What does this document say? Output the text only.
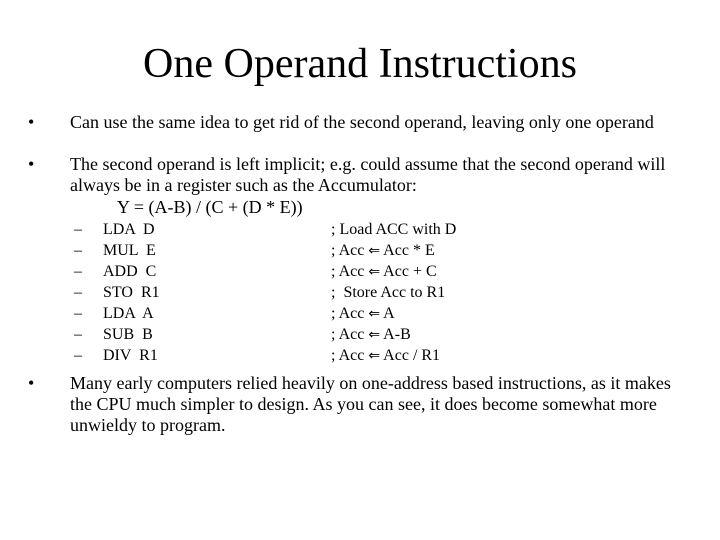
One Operand Instructions
•	Can use the same idea to get rid of the second operand, leaving only one operand
•	The second operand is left implicit; e.g. could assume that the second operand will always be in a register such as the Accumulator:
Y = (A-B) / (C + (D * E))
– LDA  D	; Load ACC with D
– MUL  E	; Acc ⇐ Acc * E
– ADD  C	; Acc ⇐ Acc + C
– STO  R1	;  Store Acc to R1
– LDA  A	; Acc ⇐ A
– SUB  B	; Acc ⇐ A-B
– DIV  R1	; Acc ⇐ Acc / R1
•	Many early computers relied heavily on one-address based instructions, as it makes the CPU much simpler to design. As you can see, it does become somewhat more unwieldy to program.
